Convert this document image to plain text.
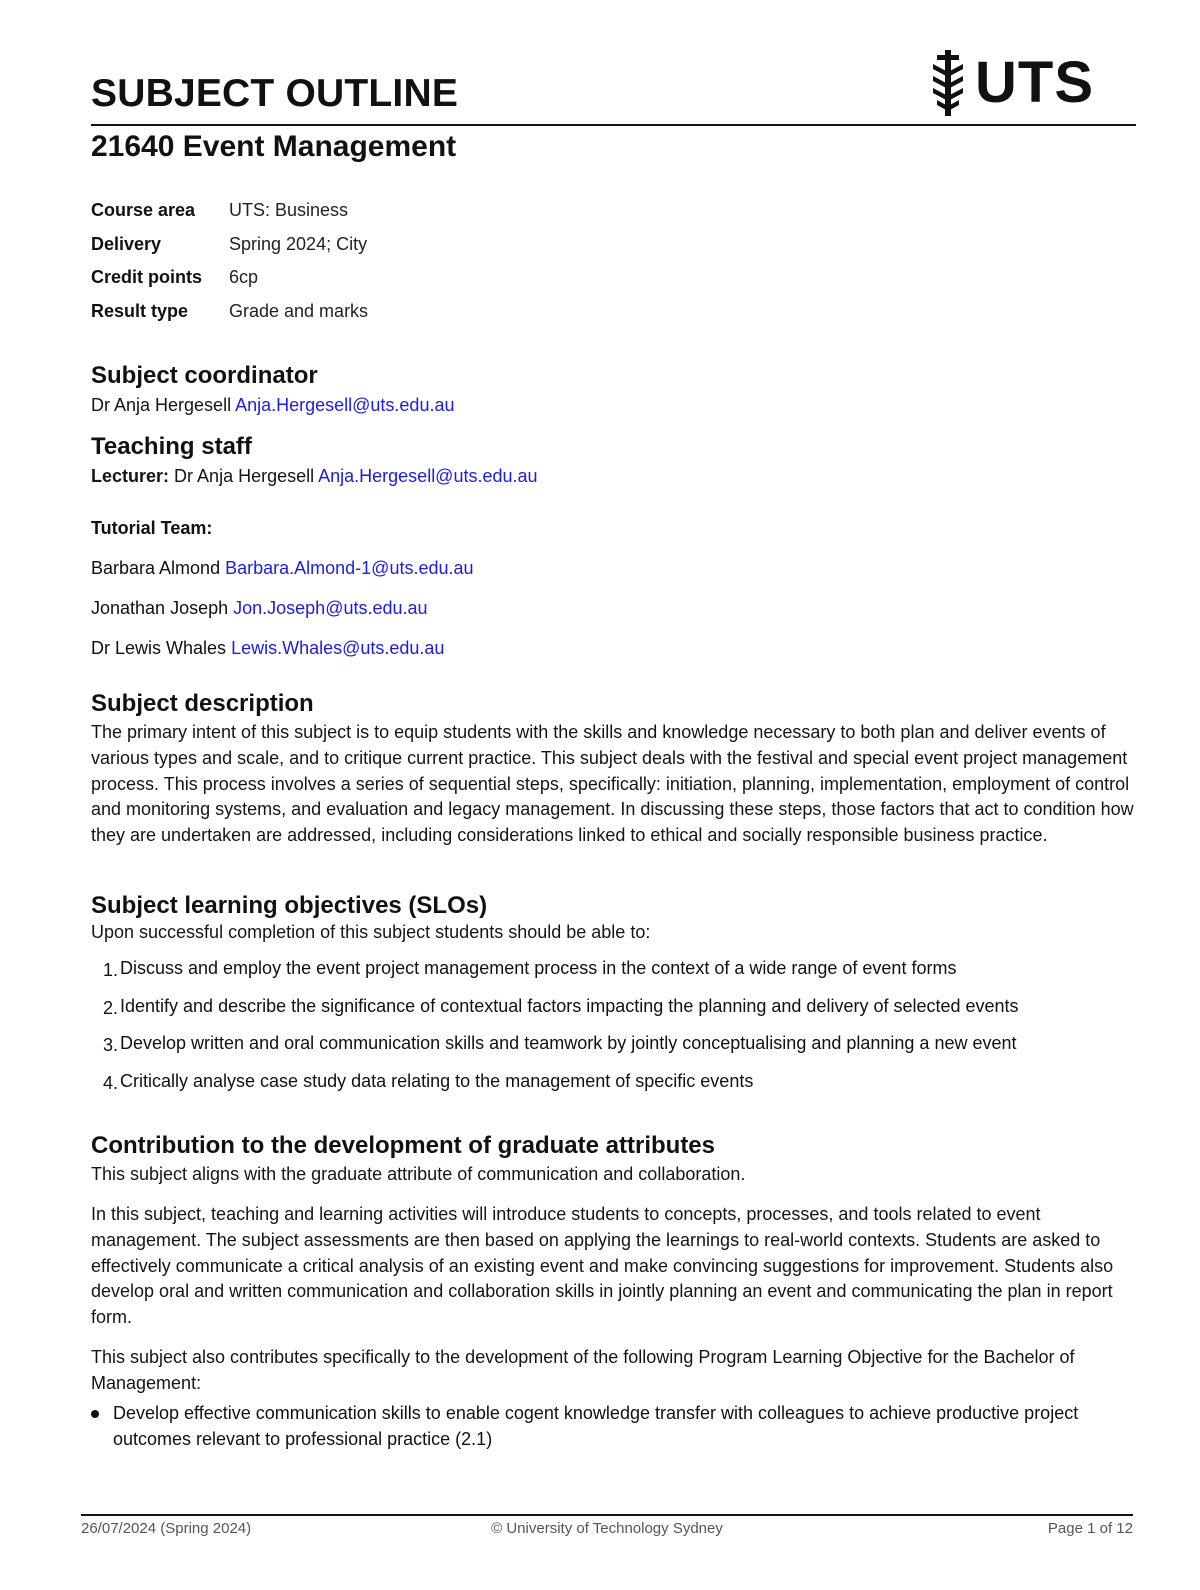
SUBJECT OUTLINE	UTS
21640 Event Management
Course area	UTS: Business
Delivery	Spring 2024; City
Credit points	6cp
Result type	Grade and marks
Subject coordinator

Dr Anja Hergesell Anja.Hergesell@uts.edu.au

Teaching staff

Lecturer: Dr Anja Hergesell Anja.Hergesell@uts.edu.au

Tutorial Team:
Barbara Almond Barbara.Almond-1@uts.edu.au
Jonathan Joseph Jon.Joseph@uts.edu.au
Dr Lewis Whales Lewis.Whales@uts.edu.au
Subject description

The primary intent of this subject is to equip students with the skills and knowledge necessary to both plan and deliver events of various types and scale, and to critique current practice. This subject deals with the festival and special event project management process. This process involves a series of sequential steps, specifically: initiation, planning, implementation, employment of control and monitoring systems, and evaluation and legacy management. In discussing these steps, those factors that act to condition how they are undertaken are addressed, including considerations linked to ethical and socially responsible business practice.

Subject learning objectives (SLOs)

Upon successful completion of this subject students should be able to:

1. Discuss and employ the event project management process in the context of a wide range of event forms
2. Identify and describe the significance of contextual factors impacting the planning and delivery of selected events
3. Develop written and oral communication skills and teamwork by jointly conceptualising and planning a new event
4. Critically analyse case study data relating to the management of specific events
Contribution to the development of graduate attributes

This subject aligns with the graduate attribute of communication and collaboration.

In this subject, teaching and learning activities will introduce students to concepts, processes, and tools related to event management. The subject assessments are then based on applying the learnings to real-world contexts. Students are asked to effectively communicate a critical analysis of an existing event and make convincing suggestions for improvement. Students also develop oral and written communication and collaboration skills in jointly planning an event and communicating the plan in report form.

This subject also contributes specifically to the development of the following Program Learning Objective for the Bachelor of Management:

Develop effective communication skills to enable cogent knowledge transfer with colleagues to achieve productive project outcomes relevant to professional practice (2.1)
26/07/2024 (Spring 2024)	© University of Technology Sydney	Page 1 of 12
